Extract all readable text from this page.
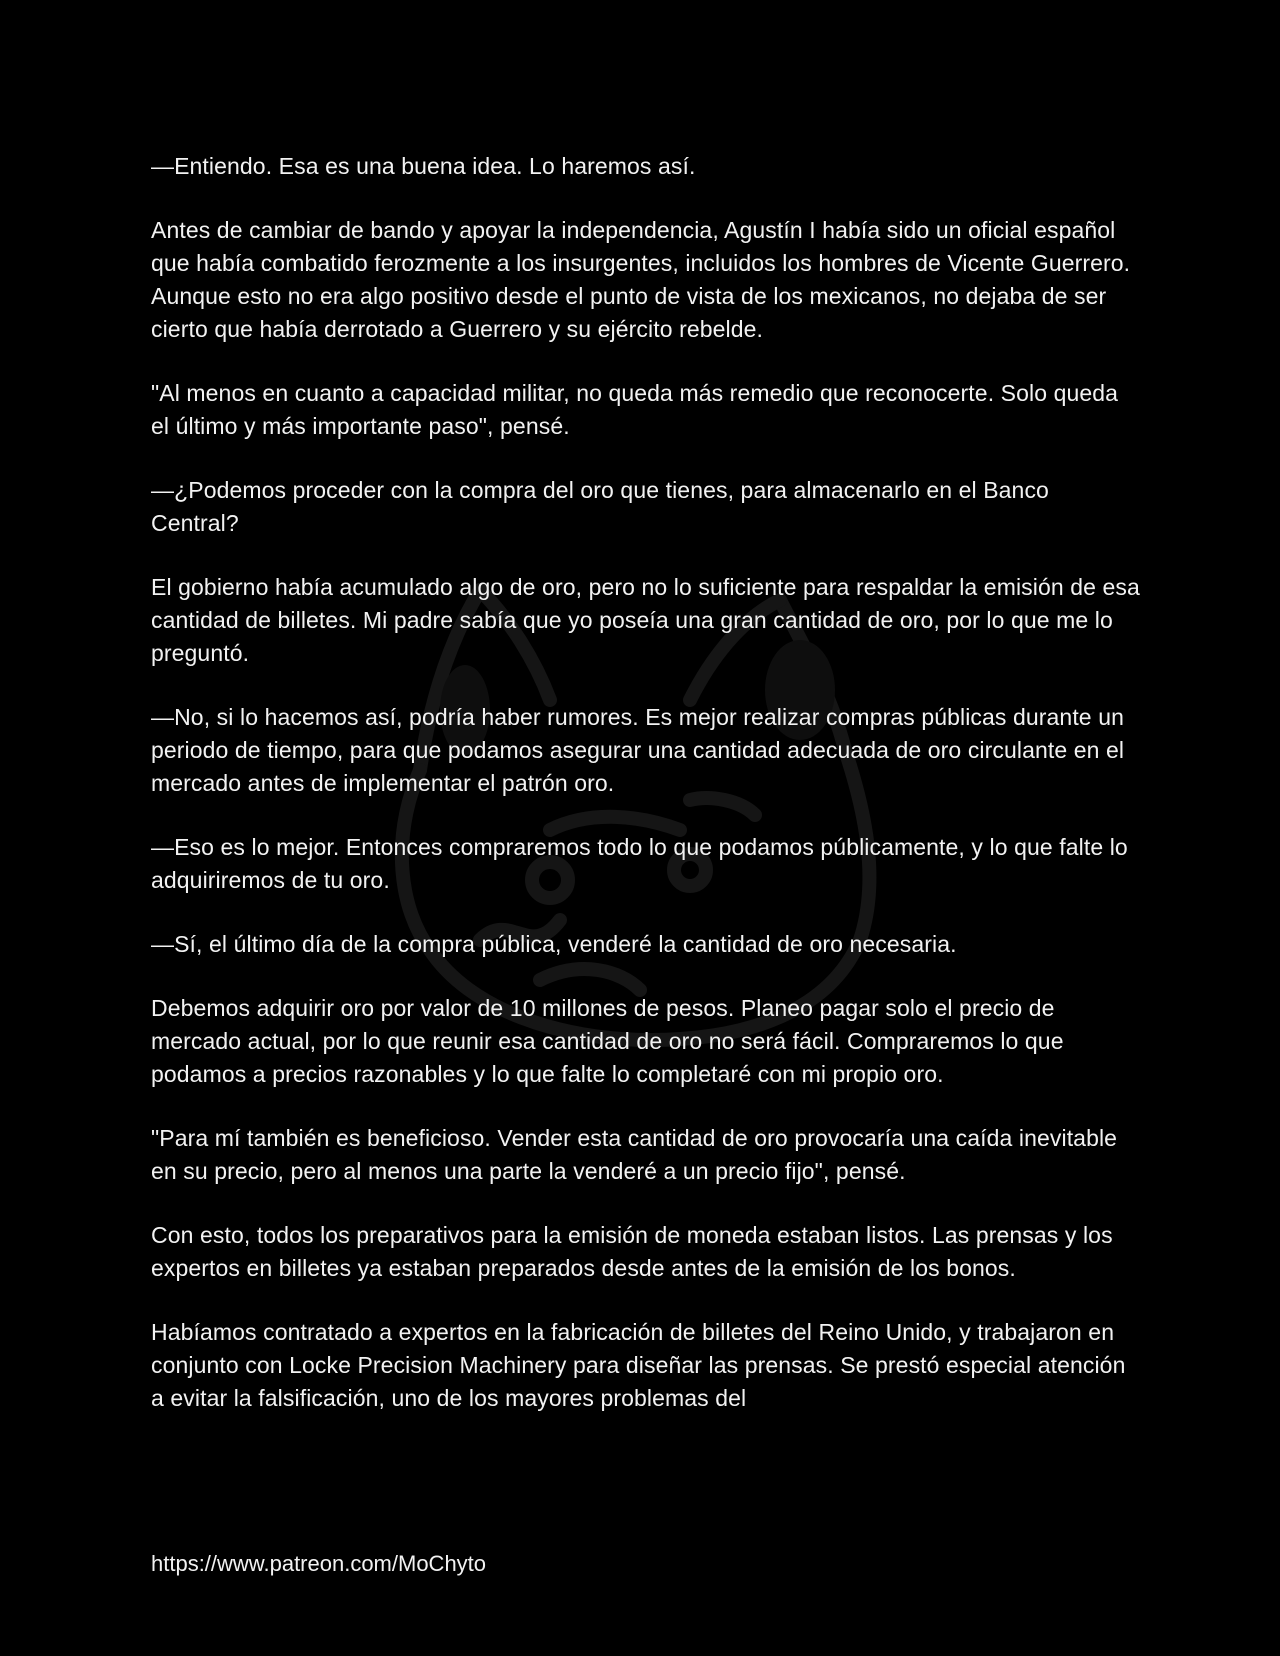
—Entiendo. Esa es una buena idea. Lo haremos así.

Antes de cambiar de bando y apoyar la independencia, Agustín I había sido un oficial español que había combatido ferozmente a los insurgentes, incluidos los hombres de Vicente Guerrero. Aunque esto no era algo positivo desde el punto de vista de los mexicanos, no dejaba de ser cierto que había derrotado a Guerrero y su ejército rebelde.

"Al menos en cuanto a capacidad militar, no queda más remedio que reconocerte. Solo queda el último y más importante paso", pensé.

—¿Podemos proceder con la compra del oro que tienes, para almacenarlo en el Banco Central?

El gobierno había acumulado algo de oro, pero no lo suficiente para respaldar la emisión de esa cantidad de billetes. Mi padre sabía que yo poseía una gran cantidad de oro, por lo que me lo preguntó.

—No, si lo hacemos así, podría haber rumores. Es mejor realizar compras públicas durante un periodo de tiempo, para que podamos asegurar una cantidad adecuada de oro circulante en el mercado antes de implementar el patrón oro.

—Eso es lo mejor. Entonces compraremos todo lo que podamos públicamente, y lo que falte lo adquiriremos de tu oro.

—Sí, el último día de la compra pública, venderé la cantidad de oro necesaria.

Debemos adquirir oro por valor de 10 millones de pesos. Planeo pagar solo el precio de mercado actual, por lo que reunir esa cantidad de oro no será fácil. Compraremos lo que podamos a precios razonables y lo que falte lo completaré con mi propio oro.

"Para mí también es beneficioso. Vender esta cantidad de oro provocaría una caída inevitable en su precio, pero al menos una parte la venderé a un precio fijo", pensé.

Con esto, todos los preparativos para la emisión de moneda estaban listos. Las prensas y los expertos en billetes ya estaban preparados desde antes de la emisión de los bonos.

Habíamos contratado a expertos en la fabricación de billetes del Reino Unido, y trabajaron en conjunto con Locke Precision Machinery para diseñar las prensas. Se prestó especial atención a evitar la falsificación, uno de los mayores problemas del

https://www.patreon.com/MoChyto
